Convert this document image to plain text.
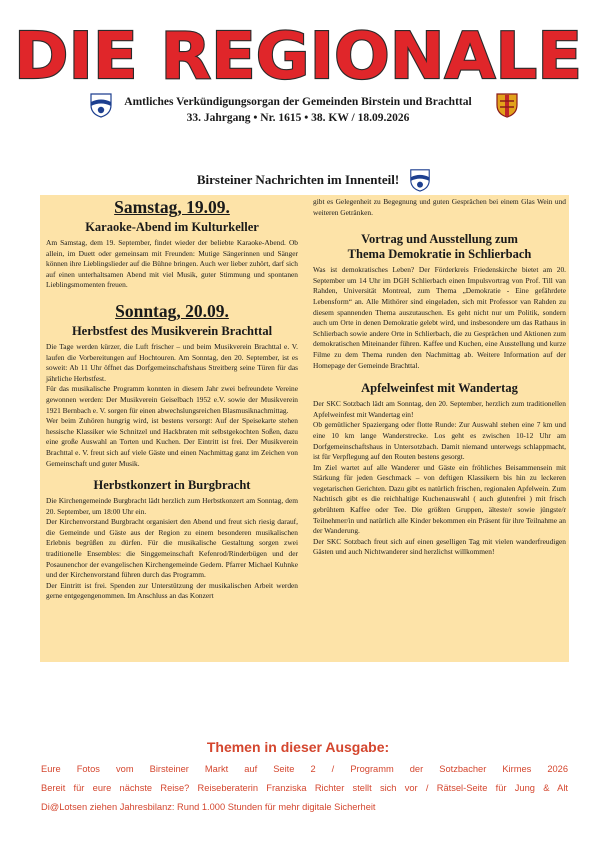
DIE REGIONALE
Amtliches Verkündigungsorgan der Gemeinden Birstein und Brachttal
33. Jahrgang • Nr. 1615 • 38. KW / 18.09.2026
Birsteiner Nachrichten im Innenteil!
Samstag, 19.09.
Karaoke-Abend im Kulturkeller

Am Samstag, dem 19. September, findet wieder der beliebte Karaoke-Abend. Ob allein, im Duett oder gemeinsam mit Freunden: Mutige Sängerinnen und Sänger können ihre Lieblingslieder auf die Bühne bringen. Auch wer lieber zuhört, darf sich auf einen unterhaltsamen Abend mit viel Musik, guter Stimmung und spontanen Lieblingsmomenten freuen.

Sonntag, 20.09.
Herbstfest des Musikverein Brachttal

Die Tage werden kürzer, die Luft frischer – und beim Musikverein Brachttal e. V. laufen die Vorbereitungen auf Hochtouren. Am Sonntag, den 20. September, ist es soweit: Ab 11 Uhr öffnet das Dorfgemeinschaftshaus Streitberg seine Türen für das jährliche Herbstfest.

Für das musikalische Programm konnten in diesem Jahr zwei befreundete Vereine gewonnen werden: Der Musikverein Geiselbach 1952 e.V. sowie der Musikverein 1921 Bernbach e. V. sorgen für einen abwechslungsreichen Blasmusiknachmittag.

Wer beim Zuhören hungrig wird, ist bestens versorgt: Auf der Speisekarte stehen hessische Klassiker wie Schnitzel und Hackbraten mit selbstgekochten Soßen, dazu eine große Auswahl an Torten und Kuchen. Der Eintritt ist frei. Der Musikverein Brachttal e. V. freut sich auf viele Gäste und einen Nachmittag ganz im Zeichen von Gemeinschaft und guter Musik.

Herbstkonzert in Burgbracht

Die Kirchengemeinde Burgbracht lädt herzlich zum Herbstkonzert am Sonntag, dem 20. September, um 18:00 Uhr ein.

Der Kirchenvorstand Burgbracht organisiert den Abend und freut sich riesig darauf, die Gemeinde und Gäste aus der Region zu einem besonderen musikalischen Erlebnis begrüßen zu dürfen. Für die musikalische Gestaltung sorgen zwei traditionelle Ensembles: die Singgemeinschaft Kefenrod/Rinderbügen und der Posaunenchor der evangelischen Kirchengemeinde Gedern. Pfarrer Michael Kuhnke und der Kirchenvorstand führen durch das Programm.

Der Eintritt ist frei. Spenden zur Unterstützung der musikalischen Arbeit werden gerne entgegengenommen. Im Anschluss an das Konzert

gibt es Gelegenheit zu Begegnung und guten Gesprächen bei einem Glas Wein und weiteren Getränken.

Vortrag und Ausstellung zum
Thema Demokratie in Schlierbach

Was ist demokratisches Leben? Der Förderkreis Friedenskirche bietet am 20. September um 14 Uhr im DGH Schlierbach einen Impulsvortrag von Prof. Till van Rahden, Universität Montreal, zum Thema „Demokratie - Eine gefährdete Lebensform“ an. Alle Mithörer sind eingeladen, sich mit Professor van Rahden zu diesem spannenden Thema auszutauschen. Es geht nicht nur um Politik, sondern auch um Orte in denen Demokratie gelebt wird, und insbesondere um das Rathaus in Schlierbach sowie andere Orte in Schlierbach, die zu Gesprächen und Aktionen zum demokratischen Miteinander führen. Kaffee und Kuchen, eine Ausstellung und kurze Filme zu dem Thema runden den Nachmittag ab. Weitere Information auf der Homepage der Gemeinde Brachttal.

Apfelweinfest mit Wandertag

Der SKC Sotzbach lädt am Sonntag, den 20. September, herzlich zum traditionellen Apfelweinfest mit Wandertag ein!

Ob gemütlicher Spaziergang oder flotte Runde: Zur Auswahl stehen eine 7 km und eine 10 km lange Wanderstrecke. Los geht es zwischen 10-12 Uhr am Dorfgemeinschaftshaus in Untersotzbach. Damit niemand unterwegs schlappmacht, ist für Verpflegung auf den Routen bestens gesorgt.

Im Ziel wartet auf alle Wanderer und Gäste ein fröhliches Beisammensein mit Stärkung für jeden Geschmack – von deftigen Klassikern bis hin zu leckeren vegetarischen Gerichten. Dazu gibt es natürlich frischen, regionalen Apfelwein. Zum Nachtisch gibt es die reichhaltige Kuchenauswahl ( auch glutenfrei ) mit frisch gebrühtem Kaffee oder Tee. Die größten Gruppen, älteste/r sowie jüngste/r Teilnehmer/in und natürlich alle Kinder bekommen ein Präsent für ihre Teilnahme an der Wanderung.

Der SKC Sotzbach freut sich auf einen geselligen Tag mit vielen wanderfreudigen Gästen und auch Nichtwanderer sind herzlichst willkommen!

Themen in dieser Ausgabe:
Eure Fotos vom Birsteiner Markt auf Seite 2 / Programm der Sotzbacher Kirmes 2026
Bereit für eure nächste Reise? Reiseberaterin Franziska Richter stellt sich vor / Rätsel-Seite für Jung & Alt
Di@Lotsen ziehen Jahresbilanz: Rund 1.000 Stunden für mehr digitale Sicherheit
